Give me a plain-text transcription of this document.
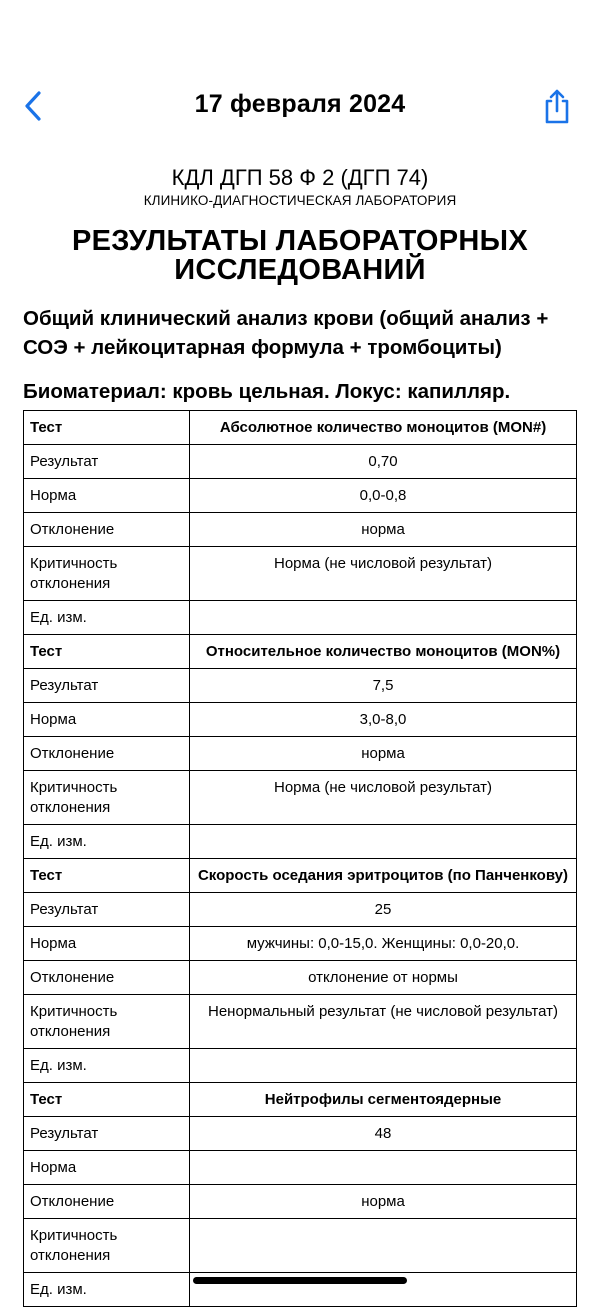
17 февраля 2024
КДЛ ДГП 58 Ф 2 (ДГП 74)
КЛИНИКО-ДИАГНОСТИЧЕСКАЯ ЛАБОРАТОРИЯ
РЕЗУЛЬТАТЫ ЛАБОРАТОРНЫХ
ИССЛЕДОВАНИЙ
Общий клинический анализ крови (общий анализ + СОЭ + лейкоцитарная формула + тромбоциты)
Биоматериал: кровь цельная. Локус: капилляр.
Тест	Абсолютное количество моноцитов (MON#)
Результат	0,70
Норма	0,0-0,8
Отклонение	норма
Критичность отклонения	Норма (не числовой результат)
Ед. изм.	
Тест	Относительное количество моноцитов (MON%)
Результат	7,5
Норма	3,0-8,0
Отклонение	норма
Критичность отклонения	Норма (не числовой результат)
Ед. изм.	
Тест	Скорость оседания эритроцитов (по Панченкову)
Результат	25
Норма	мужчины: 0,0-15,0. Женщины: 0,0-20,0.
Отклонение	отклонение от нормы
Критичность отклонения	Ненормальный результат (не числовой результат)
Ед. изм.	
Тест	Нейтрофилы сегментоядерные
Результат	48
Норма	
Отклонение	норма
Критичность отклонения	
Ед. изм.	
